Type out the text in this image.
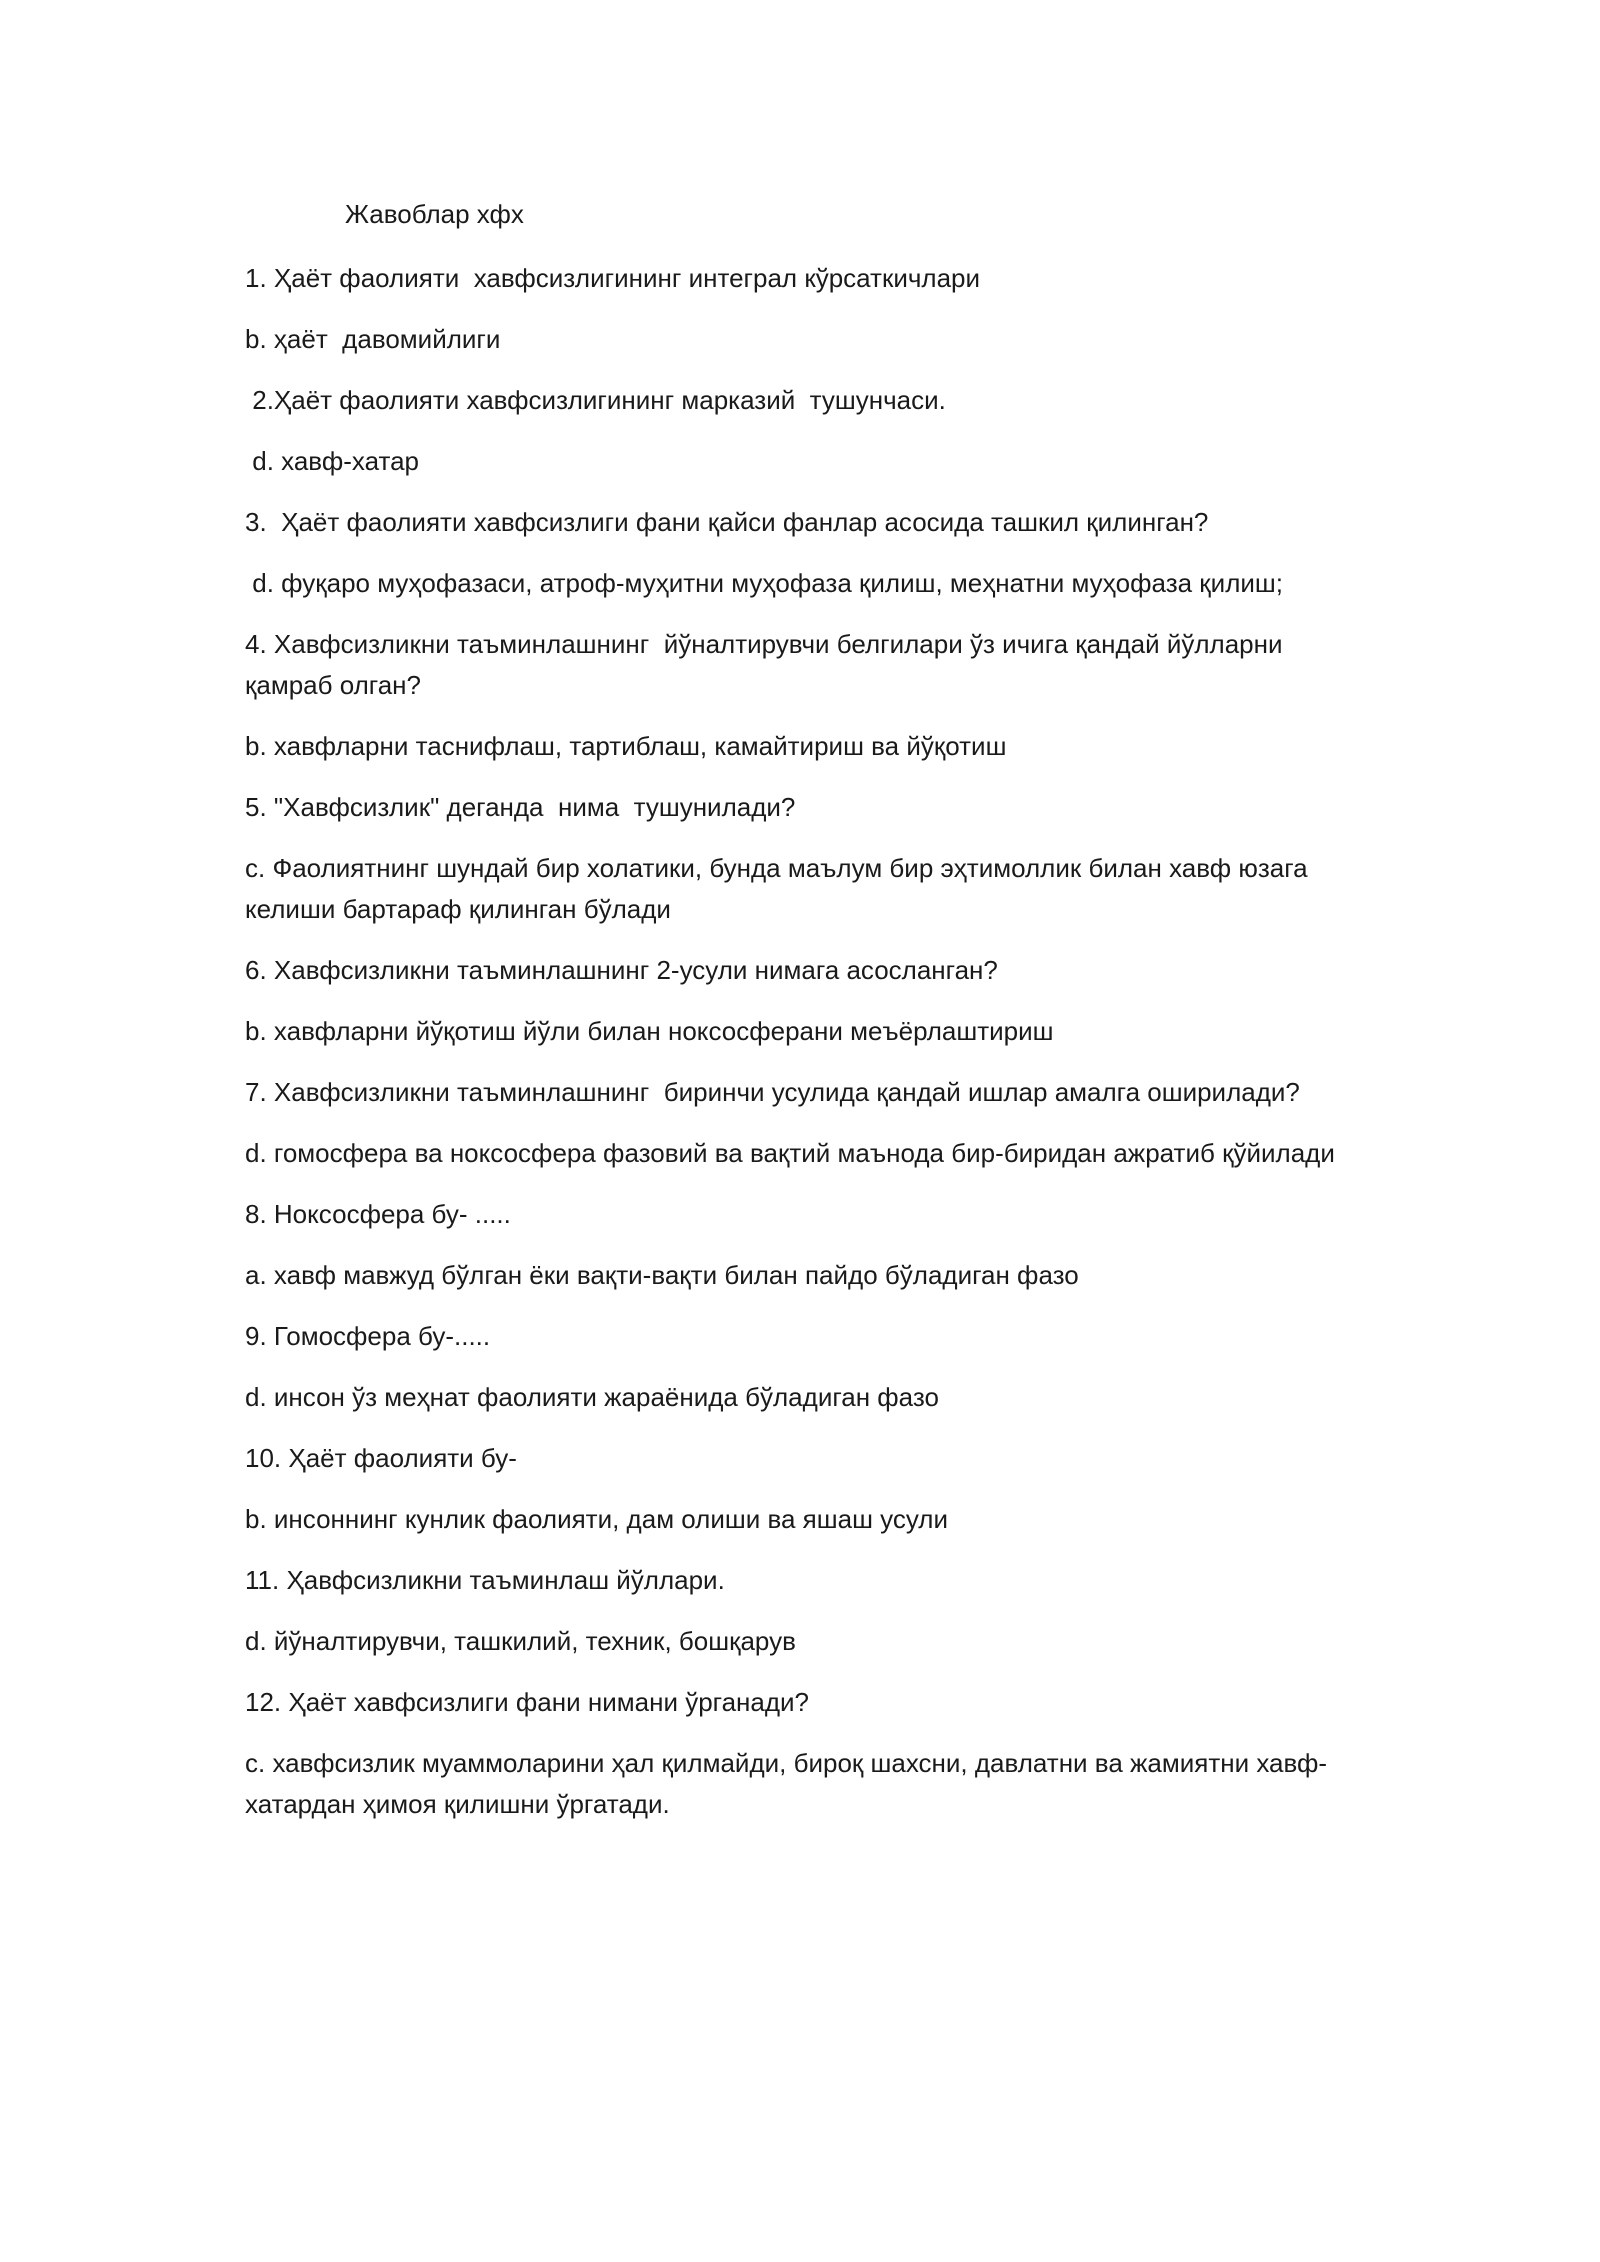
Жавоблар хфх

1. Ҳаёт фаолияти  хавфсизлигининг интеграл кўрсаткичлари

b. ҳаёт  давомийлиги

2.Ҳаёт фаолияти хавфсизлигининг марказий  тушунчаси.

d. хавф-хатар

3.  Ҳаёт фаолияти хавфсизлиги фани қайси фанлар асосида ташкил қилинган?

d. фуқаро муҳофазаси, атроф-муҳитни муҳофаза қилиш, меҳнатни муҳофаза қилиш;

4. Хавфсизликни таъминлашнинг  йўналтирувчи белгилари ўз ичига қандай йўлларни қамраб олган?

b. хавфларни таснифлаш, тартиблаш, камайтириш ва йўқотиш

5. "Хавфсизлик" деганда  нима  тушунилади?

c. Фаолиятнинг шундай бир холатики, бунда маълум бир эҳтимоллик билан хавф юзага келиши бартараф қилинган бўлади

6. Хавфсизликни таъминлашнинг 2-усули нимага асосланган?

b. хавфларни йўқотиш йўли билан ноксосферани меъёрлаштириш

7. Хавфсизликни таъминлашнинг  биринчи усулида қандай ишлар амалга оширилади?

d. гомосфера ва ноксосфера фазовий ва вақтий маънода бир-биридан ажратиб қўйилади

8. Ноксосфера бу- .....

a. хавф мавжуд бўлган ёки вақти-вақти билан пайдо бўладиган фазо

9. Гомосфера бу-.....

d. инсон ўз меҳнат фаолияти жараёнида бўладиган фазо

10. Ҳаёт фаолияти бу-

b. инсоннинг кунлик фаолияти, дам олиши ва яшаш усули

11. Ҳавфсизликни таъминлаш йўллари.

d. йўналтирувчи, ташкилий, техник, бошқарув

12. Ҳаёт хавфсизлиги фани нимани ўрганади?

c. хавфсизлик муаммоларини ҳал қилмайди, бироқ шахсни, давлатни ва жамиятни хавф-хатардан ҳимоя қилишни ўргатади.
